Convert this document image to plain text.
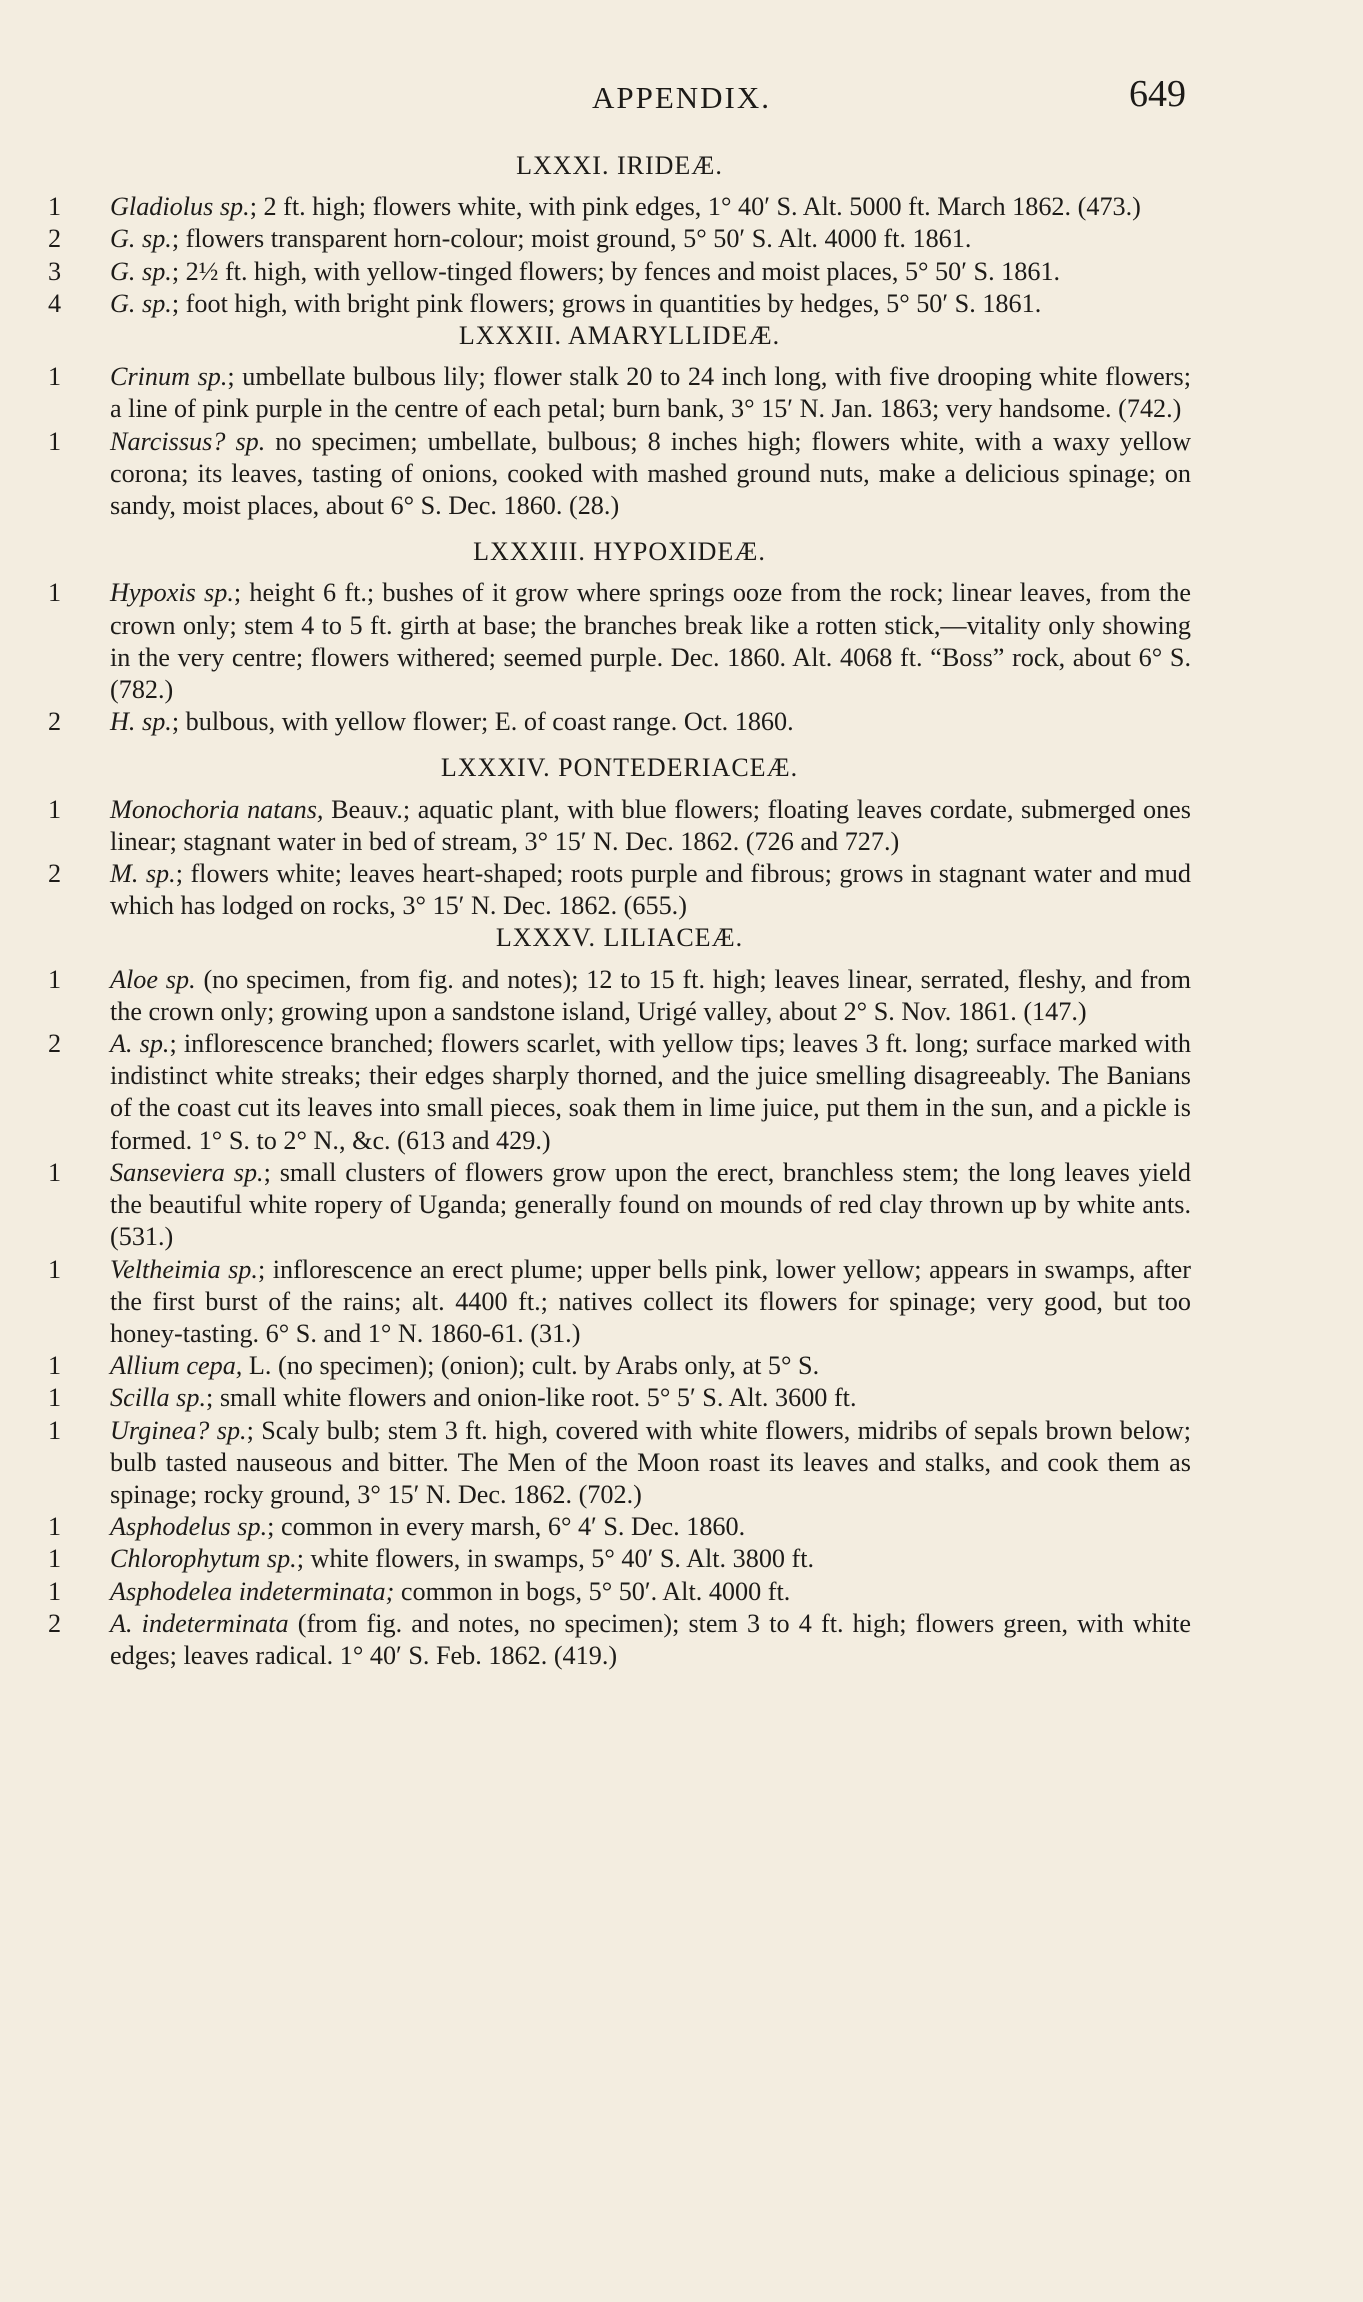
APPENDIX.	649

LXXXI. IRIDEÆ.

1 Gladiolus sp.; 2 ft. high; flowers white, with pink edges, 1° 40′ S. Alt. 5000 ft. March 1862. (473.)

2 G. sp.; flowers transparent horn-colour; moist ground, 5° 50′ S. Alt. 4000 ft. 1861.

3 G. sp.; 2½ ft. high, with yellow-tinged flowers; by fences and moist places, 5° 50′ S. 1861.

4 G. sp.; foot high, with bright pink flowers; grows in quantities by hedges, 5° 50′ S. 1861.

LXXXII. AMARYLLIDEÆ.

1 Crinum sp.; umbellate bulbous lily; flower stalk 20 to 24 inch long, with five drooping white flowers; a line of pink purple in the centre of each petal; burn bank, 3° 15′ N. Jan. 1863; very handsome. (742.)

1 Narcissus? sp. no specimen; umbellate, bulbous; 8 inches high; flowers white, with a waxy yellow corona; its leaves, tasting of onions, cooked with mashed ground nuts, make a delicious spinage; on sandy, moist places, about 6° S. Dec. 1860. (28.)

LXXXIII. HYPOXIDEÆ.

1 Hypoxis sp.; height 6 ft.; bushes of it grow where springs ooze from the rock; linear leaves, from the crown only; stem 4 to 5 ft. girth at base; the branches break like a rotten stick,—vitality only showing in the very centre; flowers withered; seemed purple. Dec. 1860. Alt. 4068 ft. “Boss” rock, about 6° S. (782.)

2 H. sp.; bulbous, with yellow flower; E. of coast range. Oct. 1860.

LXXXIV. PONTEDERIACEÆ.

1 Monochoria natans, Beauv.; aquatic plant, with blue flowers; floating leaves cordate, submerged ones linear; stagnant water in bed of stream, 3° 15′ N. Dec. 1862. (726 and 727.)

2 M. sp.; flowers white; leaves heart-shaped; roots purple and fibrous; grows in stagnant water and mud which has lodged on rocks, 3° 15′ N. Dec. 1862. (655.)

LXXXV. LILIACEÆ.

1 Aloe sp. (no specimen, from fig. and notes); 12 to 15 ft. high; leaves linear, serrated, fleshy, and from the crown only; growing upon a sandstone island, Urigé valley, about 2° S. Nov. 1861. (147.)

2 A. sp.; inflorescence branched; flowers scarlet, with yellow tips; leaves 3 ft. long; surface marked with indistinct white streaks; their edges sharply thorned, and the juice smelling disagreeably. The Banians of the coast cut its leaves into small pieces, soak them in lime juice, put them in the sun, and a pickle is formed. 1° S. to 2° N., &c. (613 and 429.)

1 Sanseviera sp.; small clusters of flowers grow upon the erect, branchless stem; the long leaves yield the beautiful white ropery of Uganda; generally found on mounds of red clay thrown up by white ants. (531.)

1 Veltheimia sp.; inflorescence an erect plume; upper bells pink, lower yellow; appears in swamps, after the first burst of the rains; alt. 4400 ft.; natives collect its flowers for spinage; very good, but too honey-tasting. 6° S. and 1° N. 1860-61. (31.)

1 Allium cepa, L. (no specimen); (onion); cult. by Arabs only, at 5° S.

1 Scilla sp.; small white flowers and onion-like root. 5° 5′ S. Alt. 3600 ft.

1 Urginea? sp.; Scaly bulb; stem 3 ft. high, covered with white flowers, midribs of sepals brown below; bulb tasted nauseous and bitter. The Men of the Moon roast its leaves and stalks, and cook them as spinage; rocky ground, 3° 15′ N. Dec. 1862. (702.)

1 Asphodelus sp.; common in every marsh, 6° 4′ S. Dec. 1860.

1 Chlorophytum sp.; white flowers, in swamps, 5° 40′ S. Alt. 3800 ft.

1 Asphodelea indeterminata; common in bogs, 5° 50′. Alt. 4000 ft.

2 A. indeterminata (from fig. and notes, no specimen); stem 3 to 4 ft. high; flowers green, with white edges; leaves radical. 1° 40′ S. Feb. 1862. (419.)
